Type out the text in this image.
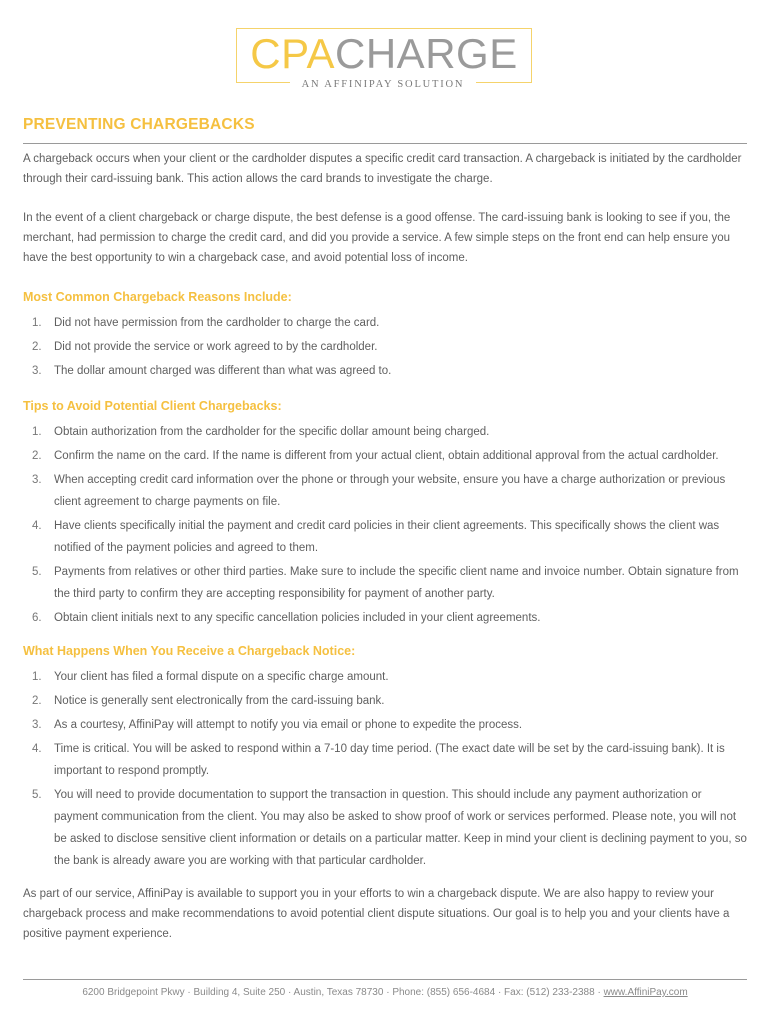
CPACHARGE
AN AFFINIPAY SOLUTION
PREVENTING CHARGEBACKS

A chargeback occurs when your client or the cardholder disputes a specific credit card transaction. A chargeback is initiated by the cardholder through their card-issuing bank. This action allows the card brands to investigate the charge.

In the event of a client chargeback or charge dispute, the best defense is a good offense. The card-issuing bank is looking to see if you, the merchant, had permission to charge the credit card, and did you provide a service. A few simple steps on the front end can help ensure you have the best opportunity to win a chargeback case, and avoid potential loss of income.

Most Common Chargeback Reasons Include:
1. Did not have permission from the cardholder to charge the card.
2. Did not provide the service or work agreed to by the cardholder.
3. The dollar amount charged was different than what was agreed to.
Tips to Avoid Potential Client Chargebacks:
1. Obtain authorization from the cardholder for the specific dollar amount being charged.
2. Confirm the name on the card. If the name is different from your actual client, obtain additional approval from the actual cardholder.
3. When accepting credit card information over the phone or through your website, ensure you have a charge authorization or previous client agreement to charge payments on file.
4. Have clients specifically initial the payment and credit card policies in their client agreements. This specifically shows the client was notified of the payment policies and agreed to them.
5. Payments from relatives or other third parties. Make sure to include the specific client name and invoice number. Obtain signature from the third party to confirm they are accepting responsibility for payment of another party.
6. Obtain client initials next to any specific cancellation policies included in your client agreements.
What Happens When You Receive a Chargeback Notice:
1. Your client has filed a formal dispute on a specific charge amount.
2. Notice is generally sent electronically from the card-issuing bank.
3. As a courtesy, AffiniPay will attempt to notify you via email or phone to expedite the process.
4. Time is critical. You will be asked to respond within a 7-10 day time period. (The exact date will be set by the card-issuing bank). It is important to respond promptly.
5. You will need to provide documentation to support the transaction in question. This should include any payment authorization or payment communication from the client. You may also be asked to show proof of work or services performed. Please note, you will not be asked to disclose sensitive client information or details on a particular matter. Keep in mind your client is declining payment to you, so the bank is already aware you are working with that particular cardholder.

As part of our service, AffiniPay is available to support you in your efforts to win a chargeback dispute. We are also happy to review your chargeback process and make recommendations to avoid potential client dispute situations. Our goal is to help you and your clients have a positive payment experience.

6200 Bridgepoint Pkwy · Building 4, Suite 250 · Austin, Texas 78730 · Phone: (855) 656-4684 · Fax: (512) 233-2388 · www.AffiniPay.com
